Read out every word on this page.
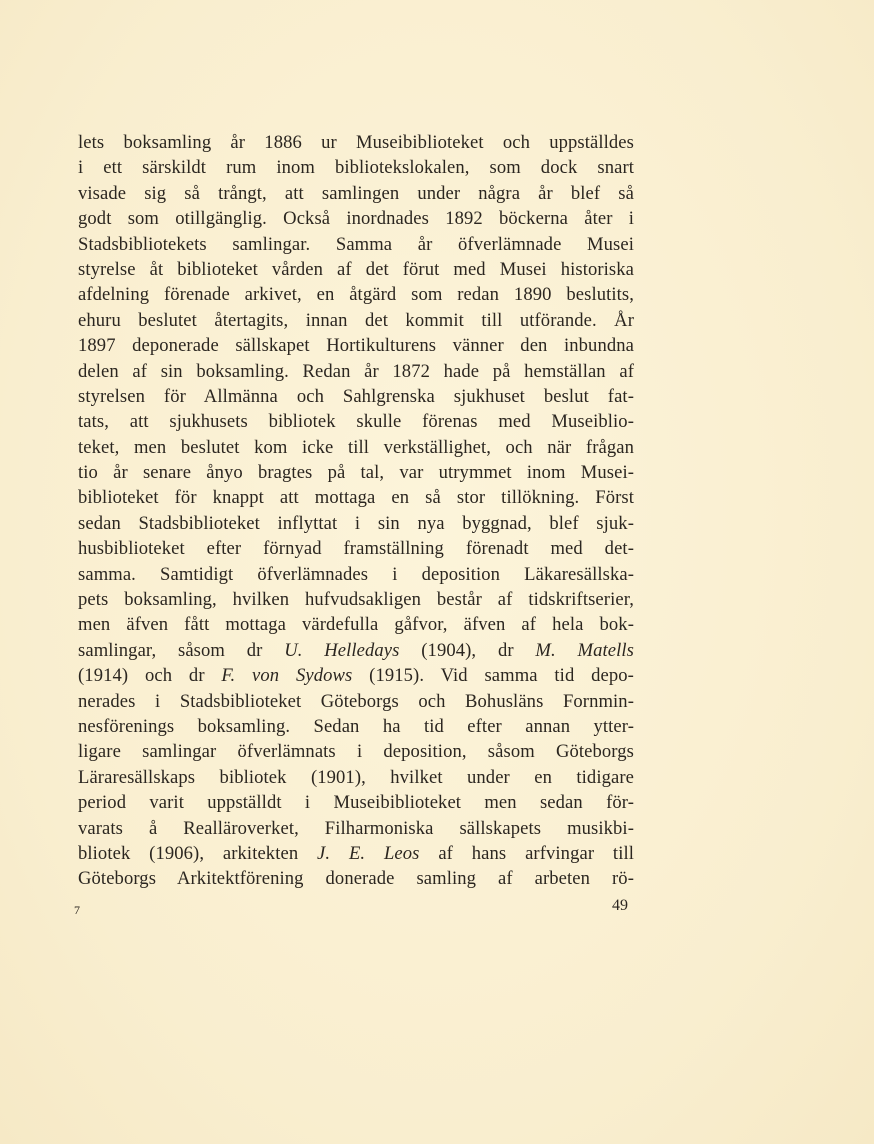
lets boksamling år 1886 ur Museibiblioteket och uppställdes
i ett särskildt rum inom bibliotekslokalen, som dock snart
visade sig så trångt, att samlingen under några år blef så
godt som otillgänglig. Också inordnades 1892 böckerna åter i
Stadsbibliotekets samlingar. Samma år öfverlämnade Musei
styrelse åt biblioteket vården af det förut med Musei historiska
afdelning förenade arkivet, en åtgärd som redan 1890 beslutits,
ehuru beslutet återtagits, innan det kommit till utförande. År
1897 deponerade sällskapet Hortikulturens vänner den inbundna
delen af sin boksamling. Redan år 1872 hade på hemställan af
styrelsen för Allmänna och Sahlgrenska sjukhuset beslut fat-
tats, att sjukhusets bibliotek skulle förenas med Museiblio-
teket, men beslutet kom icke till verkställighet, och när frågan
tio år senare ånyo bragtes på tal, var utrymmet inom Musei-
biblioteket för knappt att mottaga en så stor tillökning. Först
sedan Stadsbiblioteket inflyttat i sin nya byggnad, blef sjuk-
husbiblioteket efter förnyad framställning förenadt med det-
samma. Samtidigt öfverlämnades i deposition Läkaresällska-
pets boksamling, hvilken hufvudsakligen består af tidskriftserier,
men äfven fått mottaga värdefulla gåfvor, äfven af hela bok-
samlingar, såsom dr U. Helledays (1904), dr M. Matells
(1914) och dr F. von Sydows (1915). Vid samma tid depo-
nerades i Stadsbiblioteket Göteborgs och Bohusläns Fornmin-
nesförenings boksamling. Sedan ha tid efter annan ytter-
ligare samlingar öfverlämnats i deposition, såsom Göteborgs
Läraresällskaps bibliotek (1901), hvilket under en tidigare
period varit uppställdt i Museibiblioteket men sedan för-
varats å Realläroverket, Filharmoniska sällskapets musikbi-
bliotek (1906), arkitekten J. E. Leos af hans arfvingar till
Göteborgs Arkitektförening donerade samling af arbeten rö-
7	49
